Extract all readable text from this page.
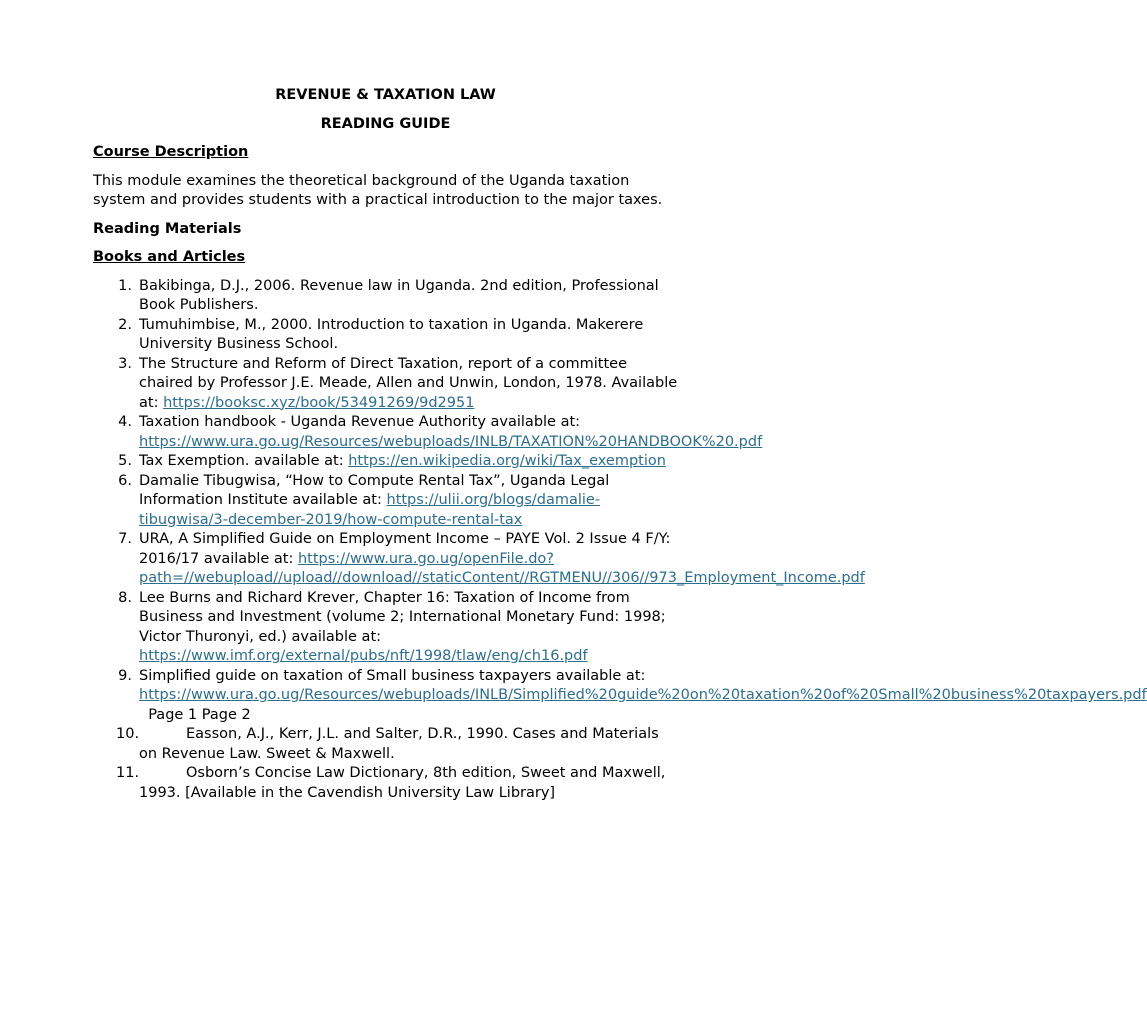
REVENUE & TAXATION LAW
READING GUIDE
Course Description

This module examines the theoretical background of the Uganda taxation system and provides students with a practical introduction to the major taxes.

Reading Materials
Books and Articles
1. Bakibinga, D.J., 2006. Revenue law in Uganda. 2nd edition, Professional Book Publishers.
2. Tumuhimbise, M., 2000. Introduction to taxation in Uganda. Makerere University Business School.
3. The Structure and Reform of Direct Taxation, report of a committee chaired by Professor J.E. Meade, Allen and Unwin, London, 1978. Available at: https://booksc.xyz/book/53491269/9d2951
4. Taxation handbook - Uganda Revenue Authority available at: https://www.ura.go.ug/Resources/webuploads/INLB/TAXATION%20HANDBOOK%20.pdf
5. Tax Exemption. available at: https://en.wikipedia.org/wiki/Tax_exemption
6. Damalie Tibugwisa, “How to Compute Rental Tax”, Uganda Legal Information Institute available at: https://ulii.org/blogs/damalie-tibugwisa/3-december-2019/how-compute-rental-tax
7. URA, A Simplified Guide on Employment Income – PAYE Vol. 2 Issue 4 F/Y: 2016/17 available at: https://www.ura.go.ug/openFile.do?path=//webupload//upload//download//staticContent//RGTMENU//306//973_Employment_Income.pdf
8. Lee Burns and Richard Krever, Chapter 16: Taxation of Income from Business and Investment (volume 2; International Monetary Fund: 1998; Victor Thuronyi, ed.) available at: https://www.imf.org/external/pubs/nft/1998/tlaw/eng/ch16.pdf
9. Simplified guide on taxation of Small business taxpayers available at: https://www.ura.go.ug/Resources/webuploads/INLB/Simplified%20guide%20on%20taxation%20of%20Small%20business%20taxpayers.pdf  Page 1 Page 2
10.	Easson, A.J., Kerr, J.L. and Salter, D.R., 1990. Cases and Materials on Revenue Law. Sweet & Maxwell.
11.	Osborn’s Concise Law Dictionary, 8th edition, Sweet and Maxwell, 1993. [Available in the Cavendish University Law Library]
